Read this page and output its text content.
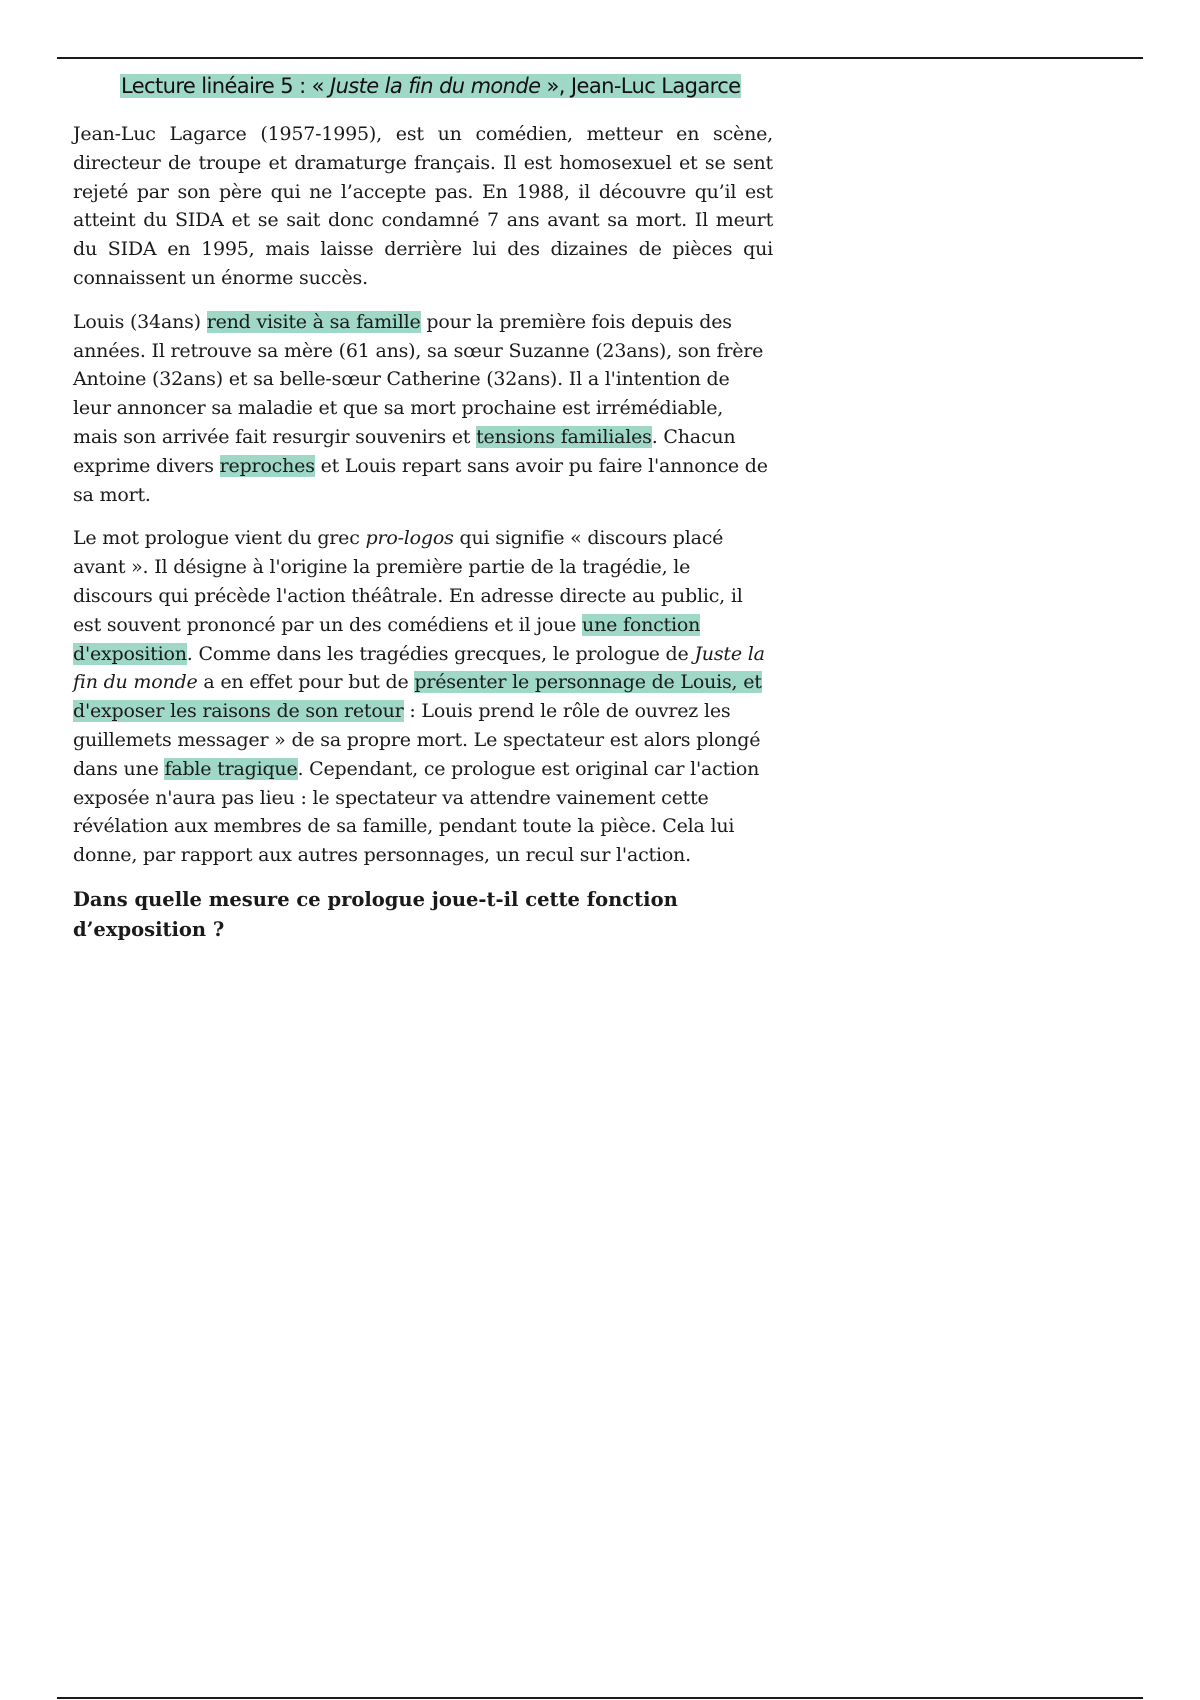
Lecture linéaire 5 : « Juste la fin du monde », Jean-Luc Lagarce

Jean-Luc Lagarce (1957-1995), est un comédien, metteur en scène, directeur de troupe et dramaturge français. Il est homosexuel et se sent rejeté par son père qui ne l’accepte pas. En 1988, il découvre qu’il est atteint du SIDA et se sait donc condamné 7 ans avant sa mort. Il meurt du SIDA en 1995, mais laisse derrière lui des dizaines de pièces qui connaissent un énorme succès.

Louis (34ans) rend visite à sa famille pour la première fois depuis des années. Il retrouve sa mère (61 ans), sa sœur Suzanne (23ans), son frère Antoine (32ans) et sa belle-sœur Catherine (32ans). Il a l'intention de leur annoncer sa maladie et que sa mort prochaine est irrémédiable, mais son arrivée fait resurgir souvenirs et tensions familiales. Chacun exprime divers reproches et Louis repart sans avoir pu faire l'annonce de sa mort.

Le mot prologue vient du grec pro-logos qui signifie « discours placé avant ». Il désigne à l'origine la première partie de la tragédie, le discours qui précède l'action théâtrale. En adresse directe au public, il est souvent prononcé par un des comédiens et il joue une fonction d'exposition. Comme dans les tragédies grecques, le prologue de Juste la fin du monde a en effet pour but de présenter le personnage de Louis, et d'exposer les raisons de son retour : Louis prend le rôle de ouvrez les guillemets messager » de sa propre mort. Le spectateur est alors plongé dans une fable tragique. Cependant, ce prologue est original car l'action exposée n'aura pas lieu : le spectateur va attendre vainement cette révélation aux membres de sa famille, pendant toute la pièce. Cela lui donne, par rapport aux autres personnages, un recul sur l'action.

Dans quelle mesure ce prologue joue-t-il cette fonction d’exposition ?
